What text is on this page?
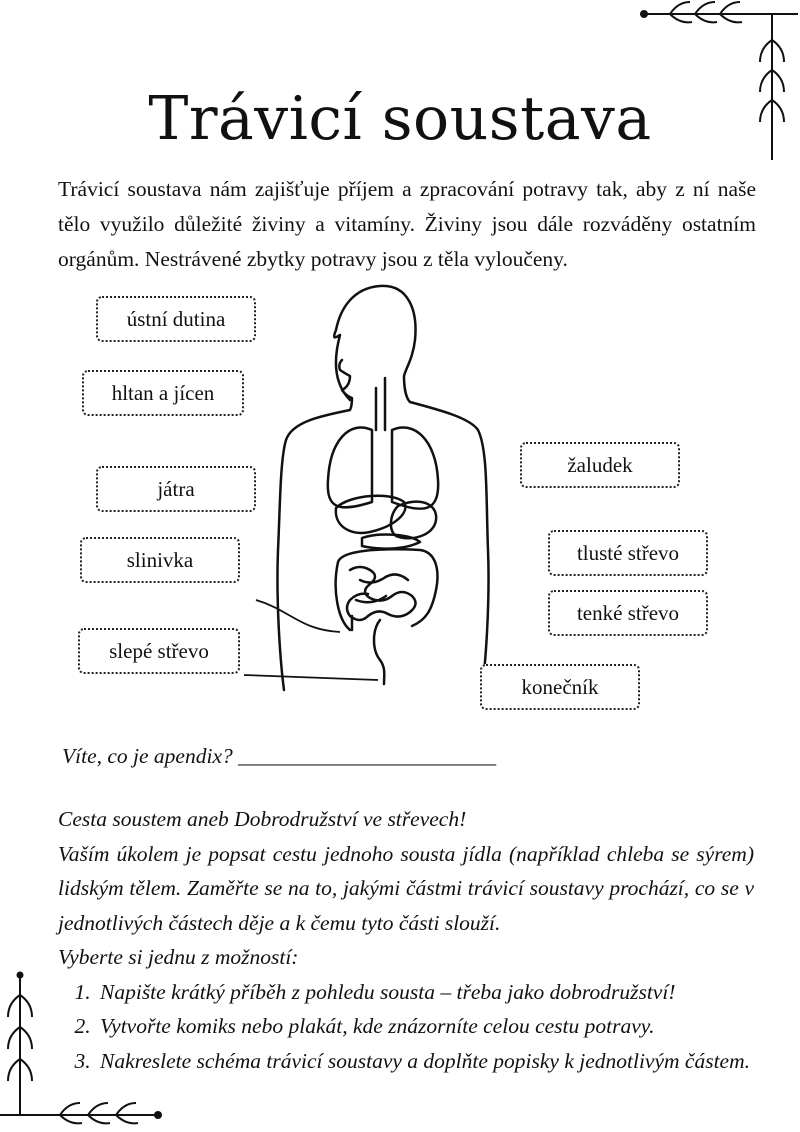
Trávicí soustava
Trávicí soustava nám zajišťuje příjem a zpracování potravy tak, aby z ní naše tělo využilo důležité živiny a vitamíny. Živiny jsou dále rozváděny ostatním orgánům. Nestrávené zbytky potravy jsou z těla vyloučeny.
ústní dutina
hltan a jícen
játra
slinivka
slepé střevo
žaludek
tlusté střevo
tenké střevo
konečník
Víte, co je apendix? ________________________

Cesta soustem aneb Dobrodružství ve střevech!

Vaším úkolem je popsat cestu jednoho sousta jídla (například chleba se sýrem) lidským tělem. Zaměřte se na to, jakými částmi trávicí soustavy prochází, co se v jednotlivých částech děje a k čemu tyto části slouží.

Vyberte si jednu z možností:

1. Napište krátký příběh z pohledu sousta – třeba jako dobrodružství!
2. Vytvořte komiks nebo plakát, kde znázorníte celou cestu potravy.
3. Nakreslete schéma trávicí soustavy a doplňte popisky k jednotlivým částem.
